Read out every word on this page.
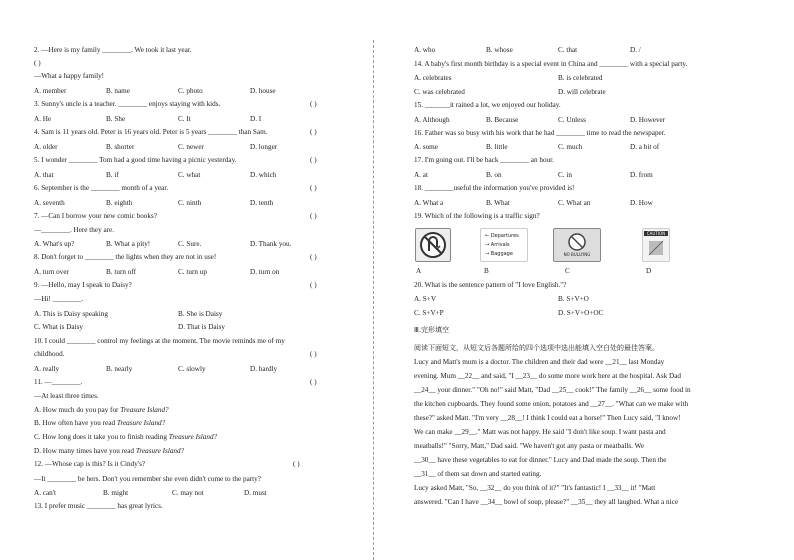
2. —Here is my family ________. We took it last year.
( )
—What a happy family!
A. member	B. name	C. photo	D. house
3. Sunny's uncle is a teacher. ________ enjoys staying with kids.	( )
A. He	B. She	C. It	D. I
4. Sam is 11 years old. Peter is 16 years old. Peter is 5 years ________ than Sam.	( )
A. older	B. shorter	C. newer	D. longer
5. I wonder ________ Tom had a good time having a picnic yesterday.	( )
A. that	B. if	C. what	D. which
6. September is the ________ month of a year.	( )
A. seventh	B. eighth	C. ninth	D. tenth
7. —Can I borrow your new comic books?	( )
—________. Here they are.
A. What's up?	B. What a pity!	C. Sure.	D. Thank you.
8. Don't forget to ________ the lights when they are not in use!	( )
A. turn over	B. turn off	C. turn up	D. turn on
9. —Hello, may I speak to Daisy?	( )
—Hi! ________.
A. This is Daisy speaking	B. She is Daisy
C. What is Daisy	D. That is Daisy
10. I could ________ control my feelings at the moment. The movie reminds me of my
childhood.	( )
A. really	B. nearly	C. slowly	D. hardly
11. —________.	( )
—At least three times.
A. How much do you pay for Treasure Island?
B. How often have you read Treasure Island?
C. How long does it take you to finish reading Treasure Island?
D. How many times have you read Treasure Island?
12. —Whose cap is this? Is it Cindy's?	( )
—It ________ be hers. Don't you remember she even didn't come to the party?
A. can't	B. might	C. may not	D. must
13. I prefer music ________ has great lyrics.
A. who	B. whose	C. that	D. /
14. A baby's first month birthday is a special event in China and ________ with a special party.
A. celebrates	B. is celebrated
C. was celebrated	D. will celebrate
15. _______it rained a lot, we enjoyed our holiday.
A. Although	B. Because	C. Unless	D. However
16. Father was so busy with his work that he had ________ time to read the newspaper.
A. some	B. little	C. much	D. a bit of
17. I'm going out. I'll be back ________ an hour.
A. at	B. on	C. in	D. from
18. ________useful the information you've provided is!
A. What a	B. What	C. What an	D. How
19. Which of the following is a traffic sign?
20. What is the sentence pattern of "I love English."?
A. S+V	B. S+V+O
C. S+V+P	D. S+V+O+OC
Ⅲ.完形填空
阅读下面短文，从短文后各题所给的四个选项中选出能填入空白处的最佳答案。
Lucy and Matt's mum is a doctor. The children and their dad were __21__ last Monday
evening. Mum __22__ and said, "I __23__ do some more work here at the hospital. Ask Dad
__24__ your dinner." "Oh no!" said Matt, "Dad __25__ cook!" The family __26__ some food in
the kitchen cupboards. They found some onion, potatoes and __27__. "What can we make with
these?" asked Matt. "I'm very __28__! I think I could eat a horse!" Then Lucy said, "I know!
We can make __29__." Matt was not happy. He said "I don't like soup. I want pasta and
meatballs!" "Sorry, Matt," Dad said. "We haven't got any pasta or meatballs. We
__30__ have these vegetables to eat for dinner." Lucy and Dad made the soup. Then the
__31__ of them sat down and started eating.
Lucy asked Matt, "So, __32__ do you think of it?" "It's fantastic! I __33__ it! "Matt
answered. "Can I have __34__ bowl of soup, please?" __35__ they all laughed. What a nice
← Departures
→ Arrivals
→ Baggage	NO BULLYING
CAUTION
A	B	C	D
